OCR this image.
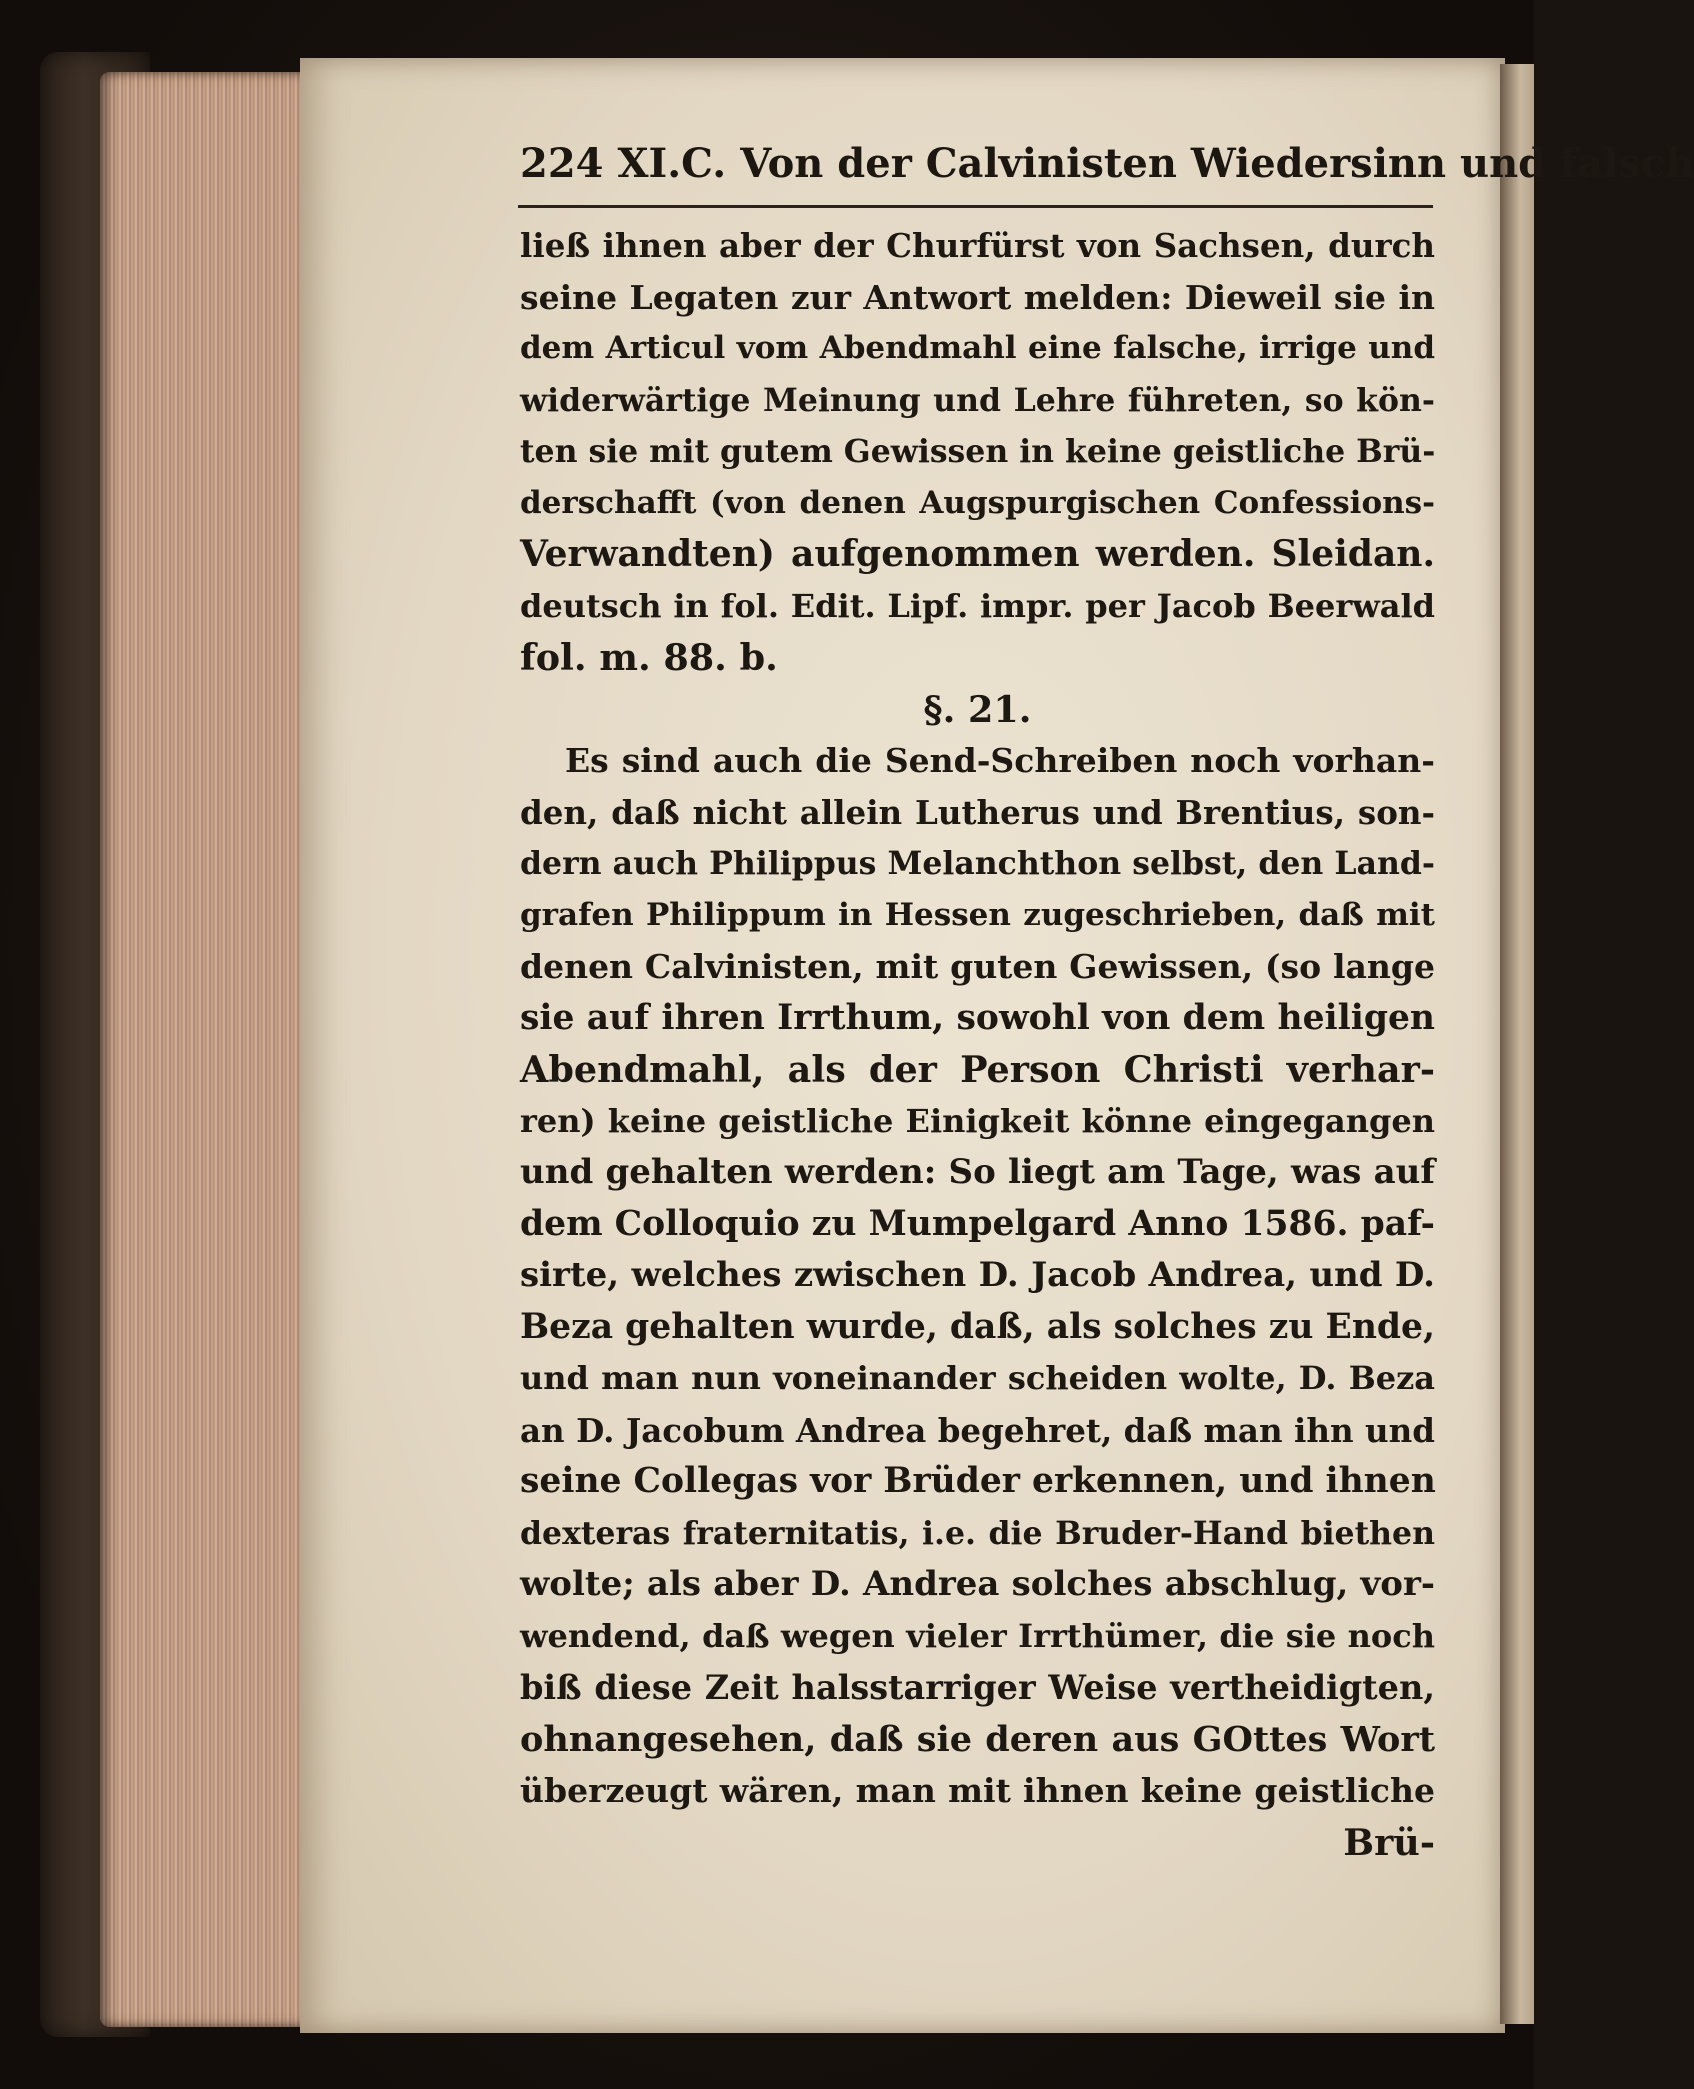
224 XI.C. Von der Calvinisten Wiedersinn und falsch
ließ ihnen aber der Churfürst von Sachsen, durch
seine Legaten zur Antwort melden: Dieweil sie in
dem Articul vom Abendmahl eine falsche, irrige und
widerwärtige Meinung und Lehre führeten, so kön-
ten sie mit gutem Gewissen in keine geistliche Brü-
derschafft (von denen Augspurgischen Confessions-
Verwandten) aufgenommen werden. Sleidan.
deutsch in fol. Edit. Lipf. impr. per Jacob Beerwald
fol. m. 88. b.
§. 21.
Es sind auch die Send-Schreiben noch vorhan-
den, daß nicht allein Lutherus und Brentius, son-
dern auch Philippus Melanchthon selbst, den Land-
grafen Philippum in Hessen zugeschrieben, daß mit
denen Calvinisten, mit guten Gewissen, (so lange
sie auf ihren Irrthum, sowohl von dem heiligen
Abendmahl, als der Person Christi verhar-
ren) keine geistliche Einigkeit könne eingegangen
und gehalten werden: So liegt am Tage, was auf
dem Colloquio zu Mumpelgard Anno 1586. paf-
sirte, welches zwischen D. Jacob Andrea, und D.
Beza gehalten wurde, daß, als solches zu Ende,
und man nun voneinander scheiden wolte, D. Beza
an D. Jacobum Andrea begehret, daß man ihn und
seine Collegas vor Brüder erkennen, und ihnen
dexteras fraternitatis, i.e. die Bruder-Hand biethen
wolte; als aber D. Andrea solches abschlug, vor-
wendend, daß wegen vieler Irrthümer, die sie noch
biß diese Zeit halsstarriger Weise vertheidigten,
ohnangesehen, daß sie deren aus GOttes Wort
überzeugt wären, man mit ihnen keine geistliche
Brü-
